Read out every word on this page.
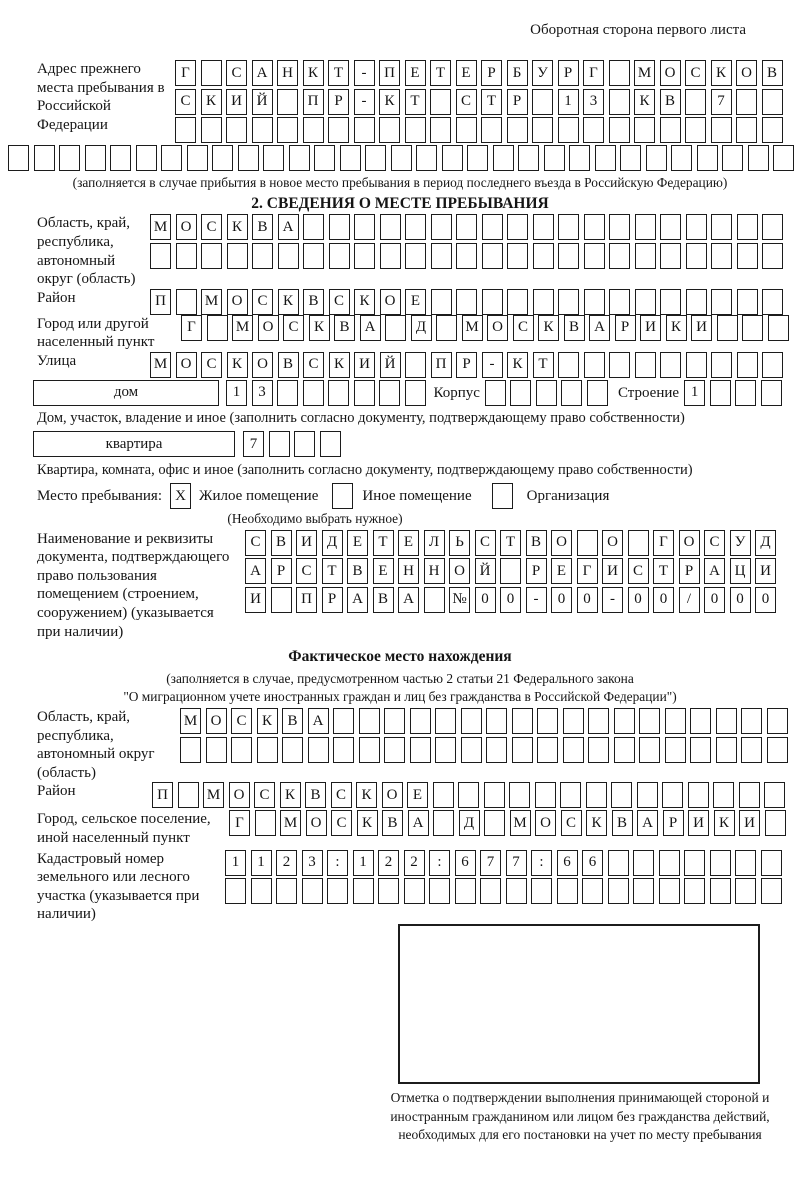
Оборотная сторона первого листа
Адрес прежнего места пребывания в Российской Федерации
Г	С	А Н	К	Т	-	П	Е	Т	Е	Р	Б	У	Р	Г	М О	С	К	О	В
С	К	И Й	П	Р	-	К	Т	С	Т	Р	1	3	К	В	7
(заполняется в случае прибытия в новое место пребывания в период последнего въезда в Российскую Федерацию)
2. СВЕДЕНИЯ О МЕСТЕ ПРЕБЫВАНИЯ
Область, край, республика, автономный округ (область)
М О	С	К	В	А
Район	П	М О	С	К	В	С	К	О	Е
Город или другой населенный пункт
Г	М О	С	К	В	А	Д	М О	С	К	В	А	Р	И	К	И
Улица	М О	С	К	О	В	С	К	И Й	П	Р	-	К	Т
дом	1	3	Корпус	Строение 1
Дом, участок, владение и иное (заполнить согласно документу, подтверждающему право собственности)
квартира	7
Квартира, комната, офис и иное (заполнить согласно документу, подтверждающему право собственности)
Место пребывания: X Жилое помещение	Иное помещение	Организация
(Необходимо выбрать нужное)
Наименование и реквизиты документа, подтверждающего право пользования помещением (строением, сооружением) (указывается при наличии)
С	В	И Д	Е	Т	Е	Л	Ь	С	Т	В	О	О	Г	О	С	У	Д
А	Р	С	Т	В	Е	Н Н О Й	Р	Е	Г	И	С	Т	Р	А Ц И
И	П	Р	А	В	А	№ 0	0	-	0	0	-	0	0	/	0	0	0
Фактическое место нахождения
(заполняется в случае, предусмотренном частью 2 статьи 21 Федерального закона
"О миграционном учете иностранных граждан и лиц без гражданства в Российской Федерации")
Область, край, республика, автономный округ (область)
М О	С	К	В	А
Район	П	М О	С	К	В	С	К	О	Е
Город, сельское поселение, иной населенный пункт
Г	М О	С	К	В	А	Д	М О	С	К	В	А	Р	И	К	И
Кадастровый номер земельного или лесного участка (указывается при наличии)
1	1	2	3	:	1	2	2	:	6	7	7	:	6	6
Отметка о подтверждении выполнения принимающей стороной и иностранным гражданином или лицом без гражданства действий, необходимых для его постановки на учет по месту пребывания
